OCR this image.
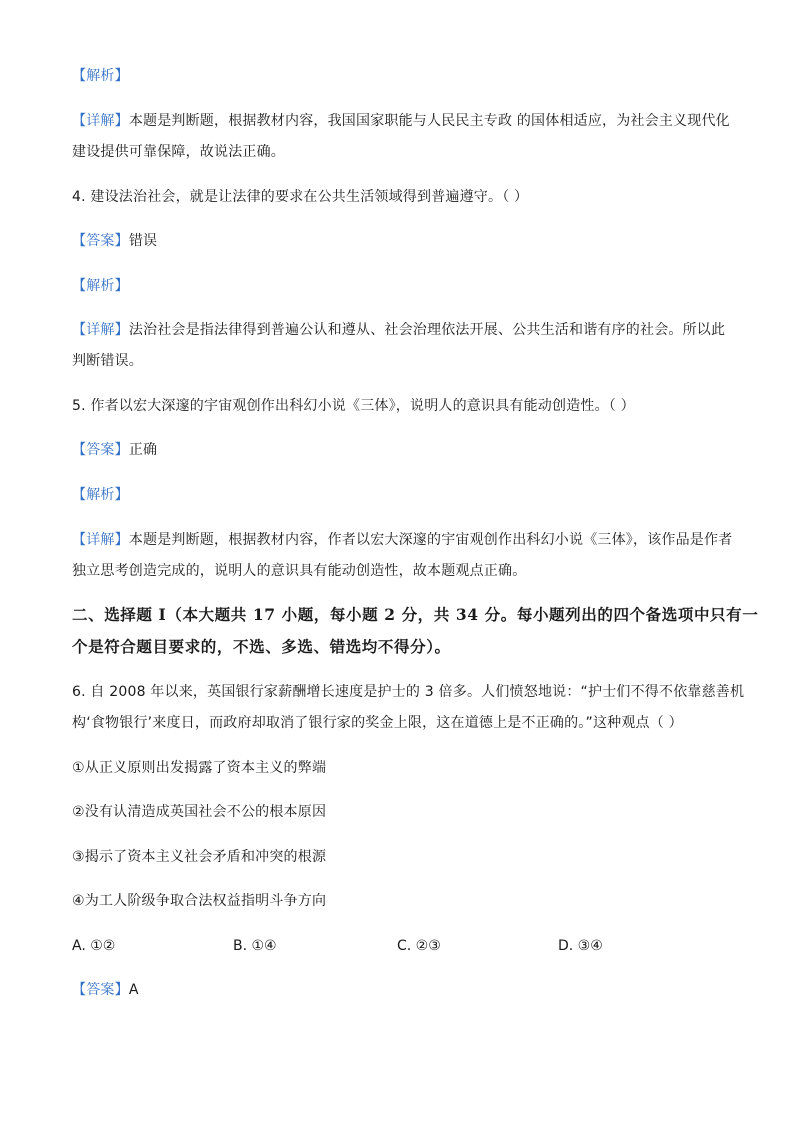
【解析】
【详解】本题是判断题，根据教材内容，我国国家职能与人民民主专政 的国体相适应，为社会主义现代化
建设提供可靠保障，故说法正确。
4. 建设法治社会，就是让法律的要求在公共生活领域得到普遍遵守。（ ）
【答案】错误
【解析】
【详解】法治社会是指法律得到普遍公认和遵从、社会治理依法开展、公共生活和谐有序的社会。所以此
判断错误。
5. 作者以宏大深邃的宇宙观创作出科幻小说《三体》，说明人的意识具有能动创造性。（ ）
【答案】正确
【解析】
【详解】本题是判断题，根据教材内容，作者以宏大深邃的宇宙观创作出科幻小说《三体》，该作品是作者
独立思考创造完成的，说明人的意识具有能动创造性，故本题观点正确。
二、选择题 I（本大题共 17 小题，每小题 2 分，共 34 分。每小题列出的四个备选项中只有一
个是符合题目要求的，不选、多选、错选均不得分）。
6. 自 2008 年以来，英国银行家薪酬增长速度是护士的 3 倍多。人们愤怒地说：“护士们不得不依靠慈善机
构‘食物银行’来度日，而政府却取消了银行家的奖金上限，这在道德上是不正确的。”这种观点（ ）
①从正义原则出发揭露了资本主义的弊端
②没有认清造成英国社会不公的根本原因
③揭示了资本主义社会矛盾和冲突的根源
④为工人阶级争取合法权益指明斗争方向
A. ①②	B. ①④	C. ②③	D. ③④
【答案】A
